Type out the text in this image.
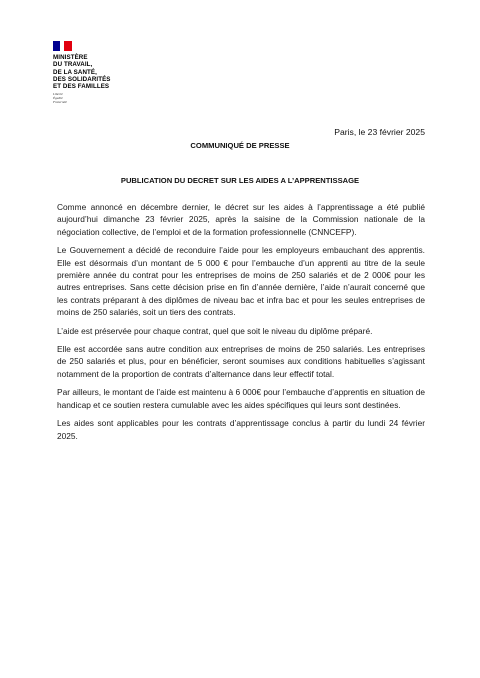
MINISTÈRE
DU TRAVAIL,
DE LA SANTÉ,
DES SOLIDARITÉS
ET DES FAMILLES
Liberté
Égalité
Fraternité
Paris, le 23 février 2025
COMMUNIQUÉ DE PRESSE
PUBLICATION DU DECRET SUR LES AIDES A L’APPRENTISSAGE

Comme annoncé en décembre dernier, le décret sur les aides à l’apprentissage a été publié aujourd’hui dimanche 23 février 2025, après la saisine de la Commission nationale de la négociation collective, de l’emploi et de la formation professionnelle (CNNCEFP).

Le Gouvernement a décidé de reconduire l’aide pour les employeurs embauchant des apprentis. Elle est désormais d’un montant de 5 000 € pour l’embauche d’un apprenti au titre de la seule première année du contrat pour les entreprises de moins de 250 salariés et de 2 000€ pour les autres entreprises. Sans cette décision prise en fin d’année dernière, l’aide n’aurait concerné que les contrats préparant à des diplômes de niveau bac et infra bac et pour les seules entreprises de moins de 250 salariés, soit un tiers des contrats.

L’aide est préservée pour chaque contrat, quel que soit le niveau du diplôme préparé.

Elle est accordée sans autre condition aux entreprises de moins de 250 salariés. Les entreprises de 250 salariés et plus, pour en bénéficier, seront soumises aux conditions habituelles s’agissant notamment de la proportion de contrats d’alternance dans leur effectif total.

Par ailleurs, le montant de l’aide est maintenu à 6 000€ pour l’embauche d’apprentis en situation de handicap et ce soutien restera cumulable avec les aides spécifiques qui leurs sont destinées.

Les aides sont applicables pour les contrats d’apprentissage conclus à partir du lundi 24 février 2025.
